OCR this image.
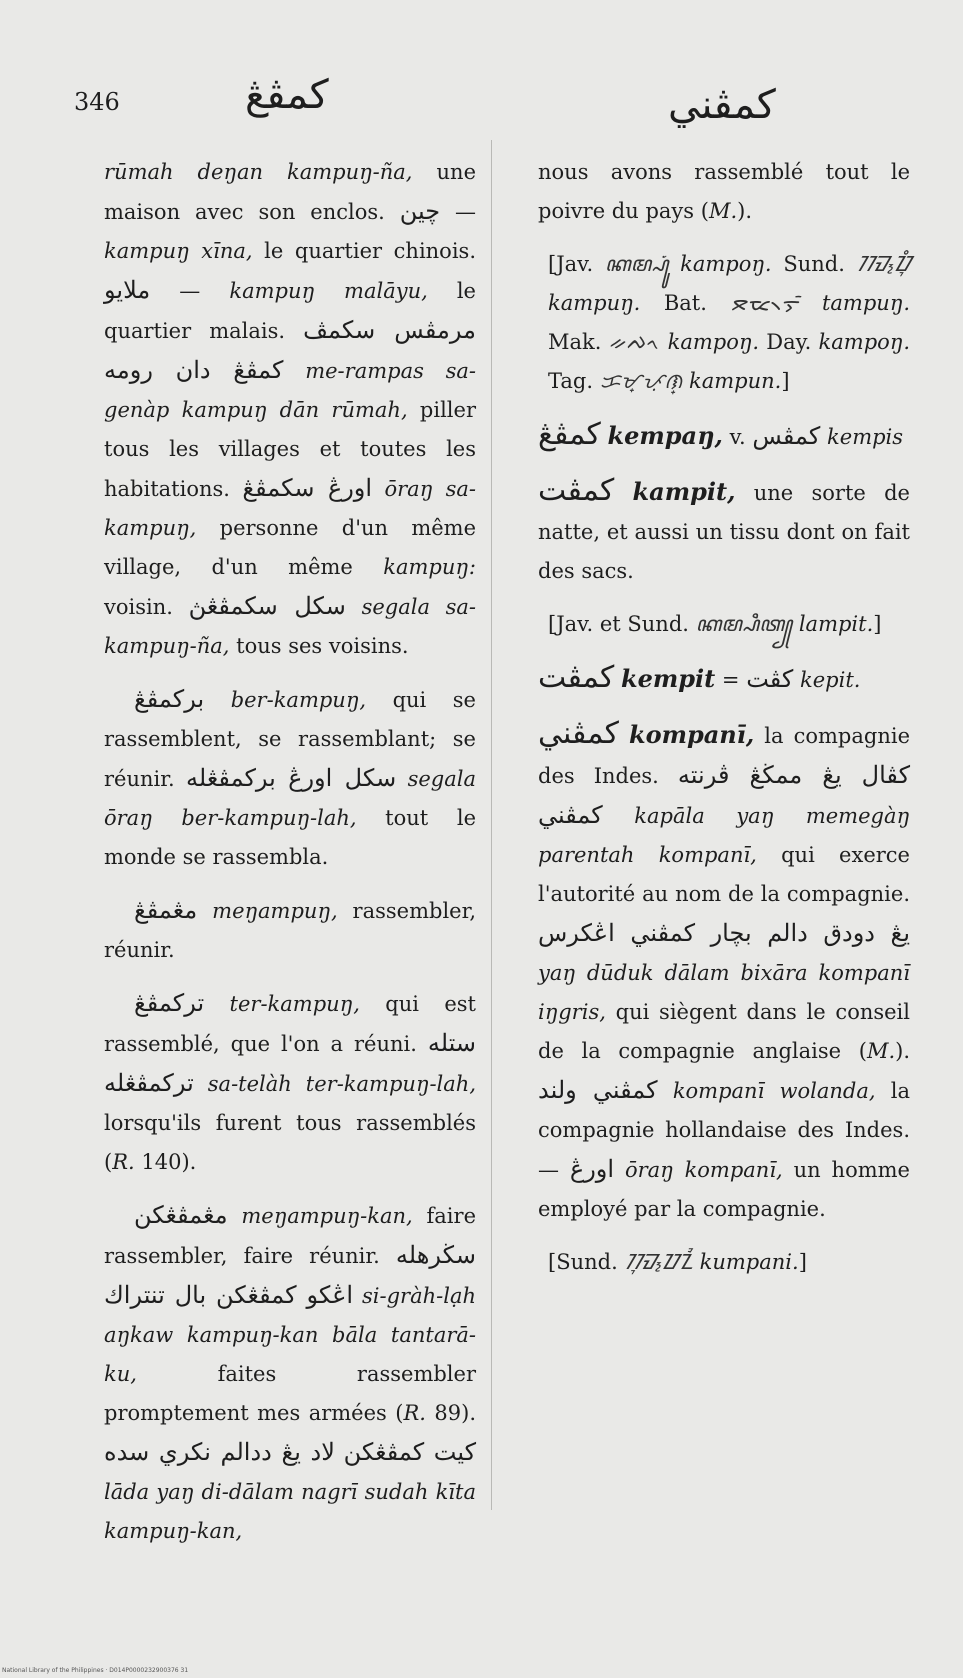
346	كمڤڠ	كمڤني

rūmah deŋan kampuŋ-ña, une maison avec son enclos. چين — kampuŋ xīna, le quartier chinois. ملايو — kampuŋ malāyu, le quartier malais. مرمڤس سكمڤ كمڤڠ دان رومه me-rampas sa-genàp kampuŋ dān rūmah, piller tous les villages et toutes les habitations. اورڠ سكمڤڠ ōraŋ sa-kampuŋ, personne d'un même village, d'un même kampuŋ: voisin. سكل سكمڤڠڽ segala sa-kampuŋ-ña, tous ses voisins.

بركمڤڠ ber-kampuŋ, qui se rassemblent, se rassemblant; se réunir. سكل اورڠ بركمڤڠله segala ōraŋ ber-kampuŋ-lah, tout le monde se rassembla.

مڠمڤڠ meŋampuŋ, rassembler, réunir.

تركمڤڠ ter-kampuŋ, qui est rassemblé, que l'on a réuni. ستله تركمڤڠله sa-telàh ter-kampuŋ-lah, lorsqu'ils furent tous rassemblés (R. 140).

مڠمڤڠكن meŋampuŋ-kan, faire rassembler, faire réunir. سڬرهله اڠكو كمڤڠكن بال تنتراك si-gràh-lạh aŋkaw kampuŋ-kan bāla tantarā-ku, faites rassembler promptement mes armées (R. 89). لاد يڠ ددالم نكري سده كيت كمڤڠكن lāda yaŋ di-dālam nagrī sudah kīta kampuŋ-kan,

nous avons rassemblé tout le poivre du pays (M.).

[Jav. ꦏꦩ꧀ꦥꦸꦁ kampoŋ. Sund. ᮊᮙ᮪ᮕᮥᮀ kampuŋ. Bat. ᯖᯔ᯲ᯇᯮᯰ tampuŋ. Mak. ᨀᨄᨚ kampoŋ. Day. kampoŋ. Tag. ᜃᜋ᜔ᜉᜓᜈ᜔ kampun.]

كمڤڠ kempaŋ, v. كمڤس kempis

كمڤت kampit, une sorte de natte, et aussi un tissu dont on fait des sacs.

[Jav. et Sund. ꦏꦩ꧀ꦥꦶꦠ꧀ lampit.]

كمڤت kempit = كڤت kepit.

كمڤني kompanī, la compagnie des Indes. كڤال يڠ ممڬڠ ڤرنته كمڤني kapāla yaŋ memegàŋ parentah kompanī, qui exerce l'autorité au nom de la compagnie. يڠ دودق دالم بچار كمڤني اڠكرس yaŋ dūduk dālam bixāra kompanī iŋgris, qui siègent dans le conseil de la compagnie anglaise (M.). كمڤني ولند kompanī wolanda, la compagnie hollandaise des Indes. — اورڠ ōraŋ kompanī, un homme employé par la compagnie.

[Sund. ᮊᮥᮙ᮪ᮕᮔᮤ kumpani.]

National Library of the Philippines · D014P0000232900376 31
